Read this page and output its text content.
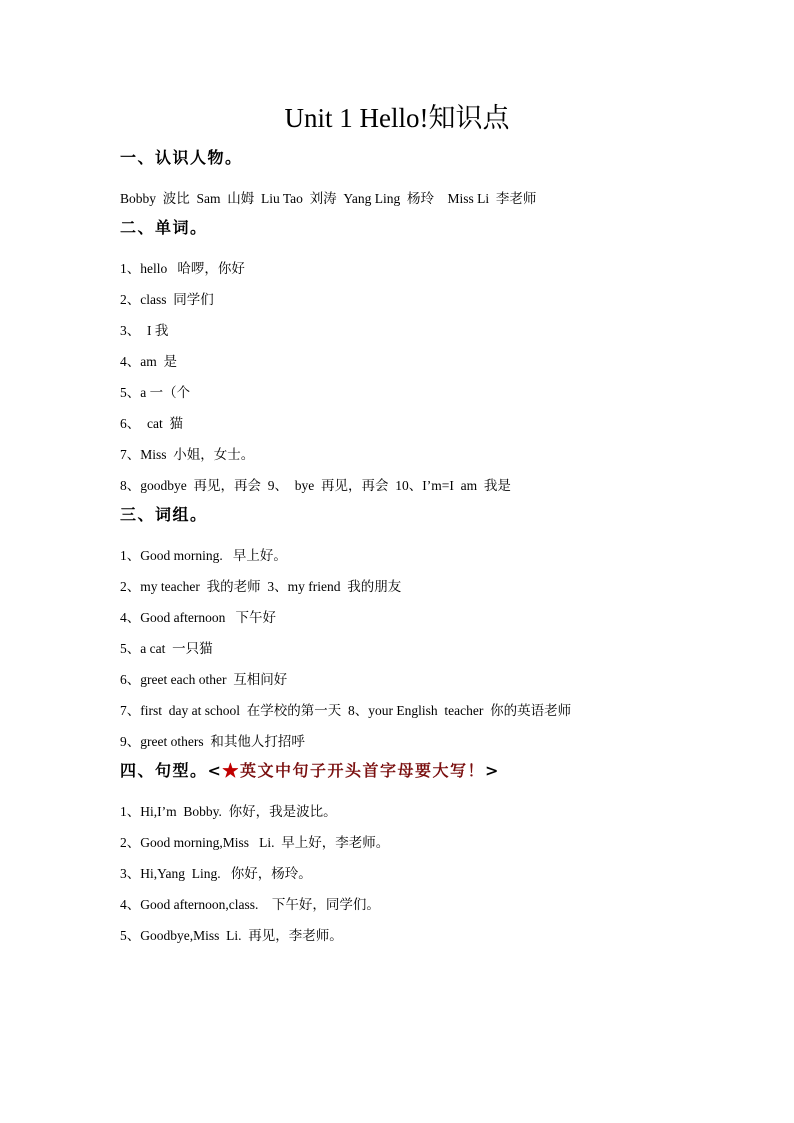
Unit 1 Hello!知识点
一、认识人物。
Bobby  波比  Sam  山姆  Liu Tao  刘涛  Yang Ling  杨玲    Miss Li  李老师
二、单词。
1、hello   哈啰，你好
2、class  同学们
3、  I 我
4、am  是
5、a 一（个
6、  cat  猫
7、Miss  小姐，女士。
8、goodbye  再见，再会  9、  bye  再见，再会  10、I’m=I  am  我是
三、词组。
1、Good morning.   早上好。
2、my teacher  我的老师  3、my friend  我的朋友
4、Good afternoon   下午好
5、a cat  一只猫
6、greet each other  互相问好
7、first  day at school  在学校的第一天  8、your English  teacher  你的英语老师
9、greet others  和其他人打招呼
四、句型。<★英文中句子开头首字母要大写！>
1、Hi,I’m  Bobby.  你好，我是波比。
2、Good morning,Miss   Li.  早上好，李老师。
3、Hi,Yang  Ling.   你好，杨玲。
4、Good afternoon,class.    下午好，同学们。
5、Goodbye,Miss  Li.  再见，李老师。
